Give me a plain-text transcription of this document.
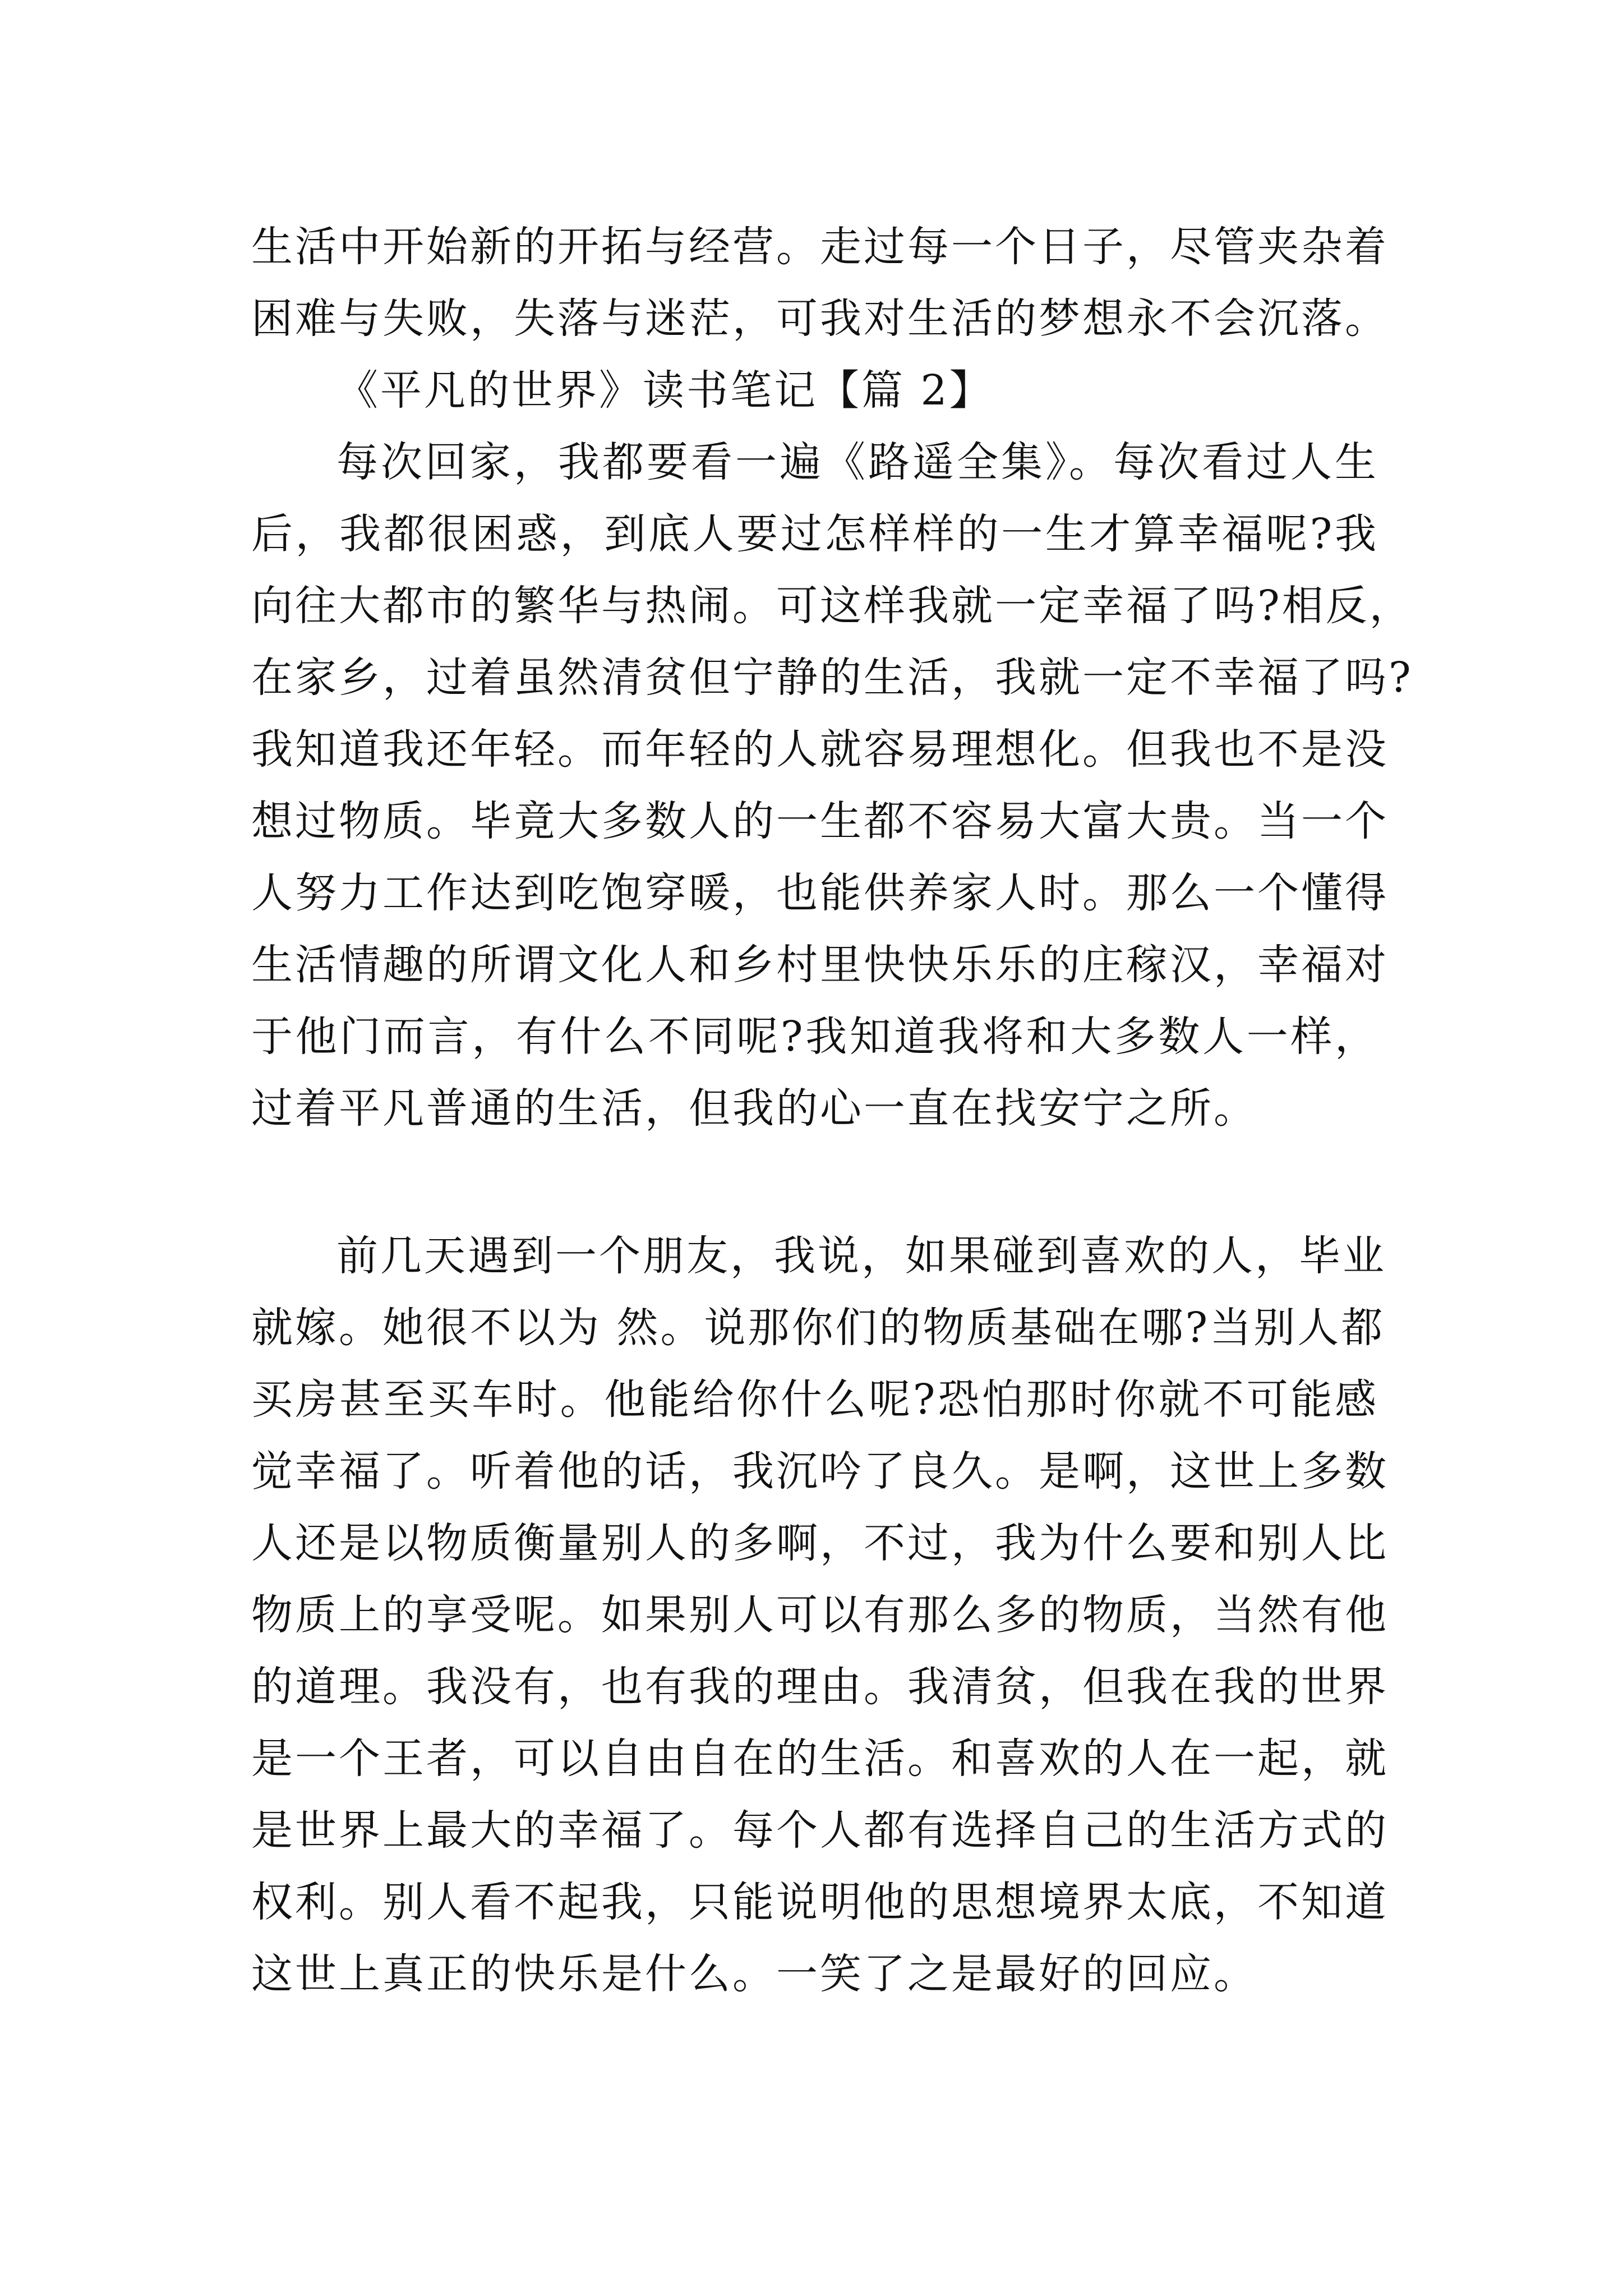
生活中开始新的开拓与经营。走过每一个日子，尽管夹杂着
困难与失败，失落与迷茫，可我对生活的梦想永不会沉落。
《平凡的世界》读书笔记【篇 2】
每次回家，我都要看一遍《路遥全集》。每次看过人生
后，我都很困惑，到底人要过怎样样的一生才算幸福呢?我
向往大都市的繁华与热闹。可这样我就一定幸福了吗?相反，
在家乡，过着虽然清贫但宁静的生活，我就一定不幸福了吗?
我知道我还年轻。而年轻的人就容易理想化。但我也不是没
想过物质。毕竟大多数人的一生都不容易大富大贵。当一个
人努力工作达到吃饱穿暖，也能供养家人时。那么一个懂得
生活情趣的所谓文化人和乡村里快快乐乐的庄稼汉，幸福对
于他门而言，有什么不同呢?我知道我将和大多数人一样，
过着平凡普通的生活，但我的心一直在找安宁之所。
前几天遇到一个朋友，我说，如果碰到喜欢的人，毕业
就嫁。她很不以为 然。说那你们的物质基础在哪?当别人都
买房甚至买车时。他能给你什么呢?恐怕那时你就不可能感
觉幸福了。听着他的话，我沉吟了良久。是啊，这世上多数
人还是以物质衡量别人的多啊，不过，我为什么要和别人比
物质上的享受呢。如果别人可以有那么多的物质，当然有他
的道理。我没有，也有我的理由。我清贫，但我在我的世界
是一个王者，可以自由自在的生活。和喜欢的人在一起，就
是世界上最大的幸福了。每个人都有选择自己的生活方式的
权利。别人看不起我，只能说明他的思想境界太底，不知道
这世上真正的快乐是什么。一笑了之是最好的回应。
